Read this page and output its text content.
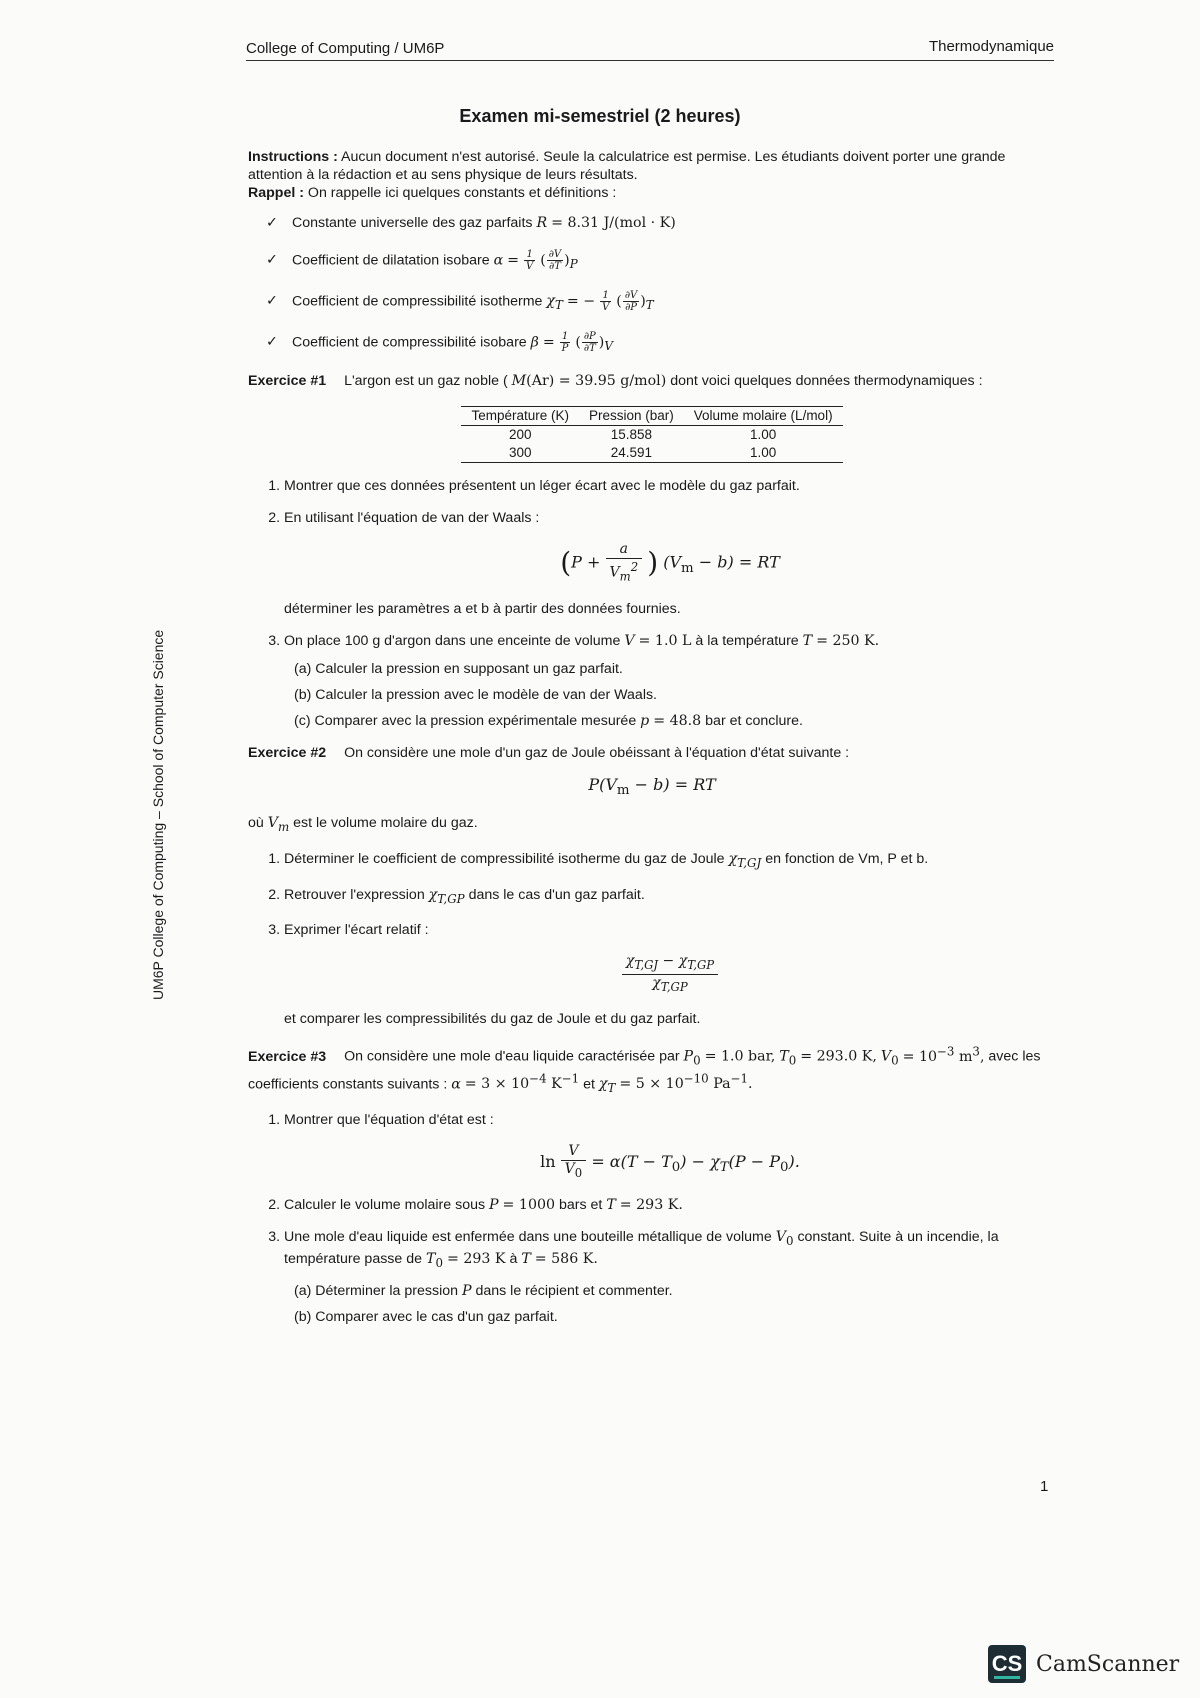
College of Computing / UM6P	Thermodynamique
UM6P College of Computing – School of Computer Science
Examen mi-semestriel (2 heures)

Instructions : Aucun document n'est autorisé. Seule la calculatrice est permise. Les étudiants doivent porter une grande attention à la rédaction et au sens physique de leurs résultats.

Rappel : On rappelle ici quelques constants et définitions :

✓ Constante universelle des gaz parfaits R = 8.31 J/(mol · K)
✓ Coefficient de dilatation isobare $\alpha = \frac{1}{V}$ ( $\frac{\partial V}{\partial T} )_P$
✓ Coefficient de compressibilité isotherme $\chi_T$ = − $\frac{1}{V}$ ( $\frac{\partial V}{\partial P} )_T$
✓ Coefficient de compressibilité isobare $\beta = \frac{1}{P}$ ( $\frac{\partial P}{\partial T} )_V$

Exercice #1 L'argon est un gaz noble ( M(Ar) = 39.95 g/mol) dont voici quelques données thermodynamiques :

Température (K)	Pression (bar)	Volume molaire (L/mol)
200	15.858	1.00
300	24.591	1.00
1. Montrer que ces données présentent un léger écart avec le modèle du gaz parfait.
2. En utilisant l'équation de van der Waals :
($P + \frac{a}{V_m^2}$ ) $(V_m - b)$ = RT
déterminer les paramètres a et b à partir des données fournies.
3. On place 100 g d'argon dans une enceinte de volume V = 1.0 L à la température T = 250 K.
(a) Calculer la pression en supposant un gaz parfait.
(b) Calculer la pression avec le modèle de van der Waals.
(c) Comparer avec la pression expérimentale mesurée p = 48.8 bar et conclure.

Exercice #2 On considère une mole d'un gaz de Joule obéissant à l'équation d'état suivante :

$P(V_m - b)$ = RT

où $V_m$ est le volume molaire du gaz.

1. Déterminer le coefficient de compressibilité isotherme du gaz de Joule $\chi_{T,GJ}$ en fonction de Vm, P et b.
2. Retrouver l'expression $\chi_{T,GP}$ dans le cas d'un gaz parfait.
3. Exprimer l'écart relatif :
$\frac{\chi_{T,GJ} - \chi_{T,GP}}{\chi_{T,GP}}$
et comparer les compressibilités du gaz de Joule et du gaz parfait.

Exercice #3 On considère une mole d'eau liquide caractérisée par $P_0 = 1.0$ bar, $T_0 = 293.0$ K, $V_0 = 10^{-3}$ $m^3$, avec les coefficients constants suivants : $\alpha = 3 \times 10^{-4}$ $K^{-1}$ et $\chi_T = 5 \times 10^{-10}$ $Pa^{-1}$.

1. Montrer que l'équation d'état est :
$\ln \frac{V}{V_0} = \alpha(T - T_0) - \chi_T(P - P_0)$.
2. Calculer le volume molaire sous P = 1000 bars et T = 293 K.
3. Une mole d'eau liquide est enfermée dans une bouteille métallique de volume $V_0$ constant. Suite à un incendie, la température passe de $T_0 = 293$ K à T = 586 K.
(a) Déterminer la pression P dans le récipient et commenter.
(b) Comparer avec le cas d'un gaz parfait.
1
CS CamScanner
